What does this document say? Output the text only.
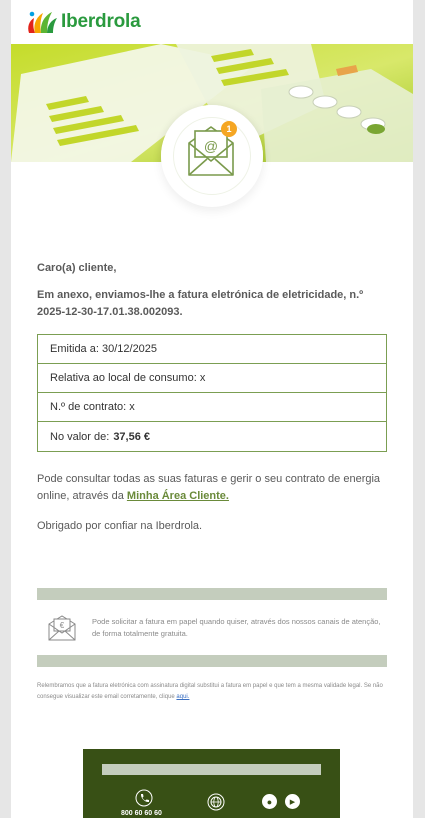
Iberdrola
@
1

Caro(a) cliente,

Em anexo, enviamos-lhe a fatura eletrónica de eletricidade, n.º 2025-12-30-17.01.38.002093.

Emitida a:
30/12/2025
Relativa ao local de consumo:
x
N.º de contrato:
x
No valor de: 37,56 €

Pode consultar todas as suas faturas e gerir o seu contrato de energia online, através da Minha Área Cliente.

Obrigado por confiar na Iberdrola.

€	Pode solicitar a fatura em papel quando quiser, através dos nossos canais de atenção, de forma totalmente gratuita.

Relembramos que a fatura eletrónica com assinatura digital substitui a fatura em papel e que tem a mesma validade legal. Se não consegue visualizar este email corretamente, clique aqui.

800 60 60 60
●	▶
